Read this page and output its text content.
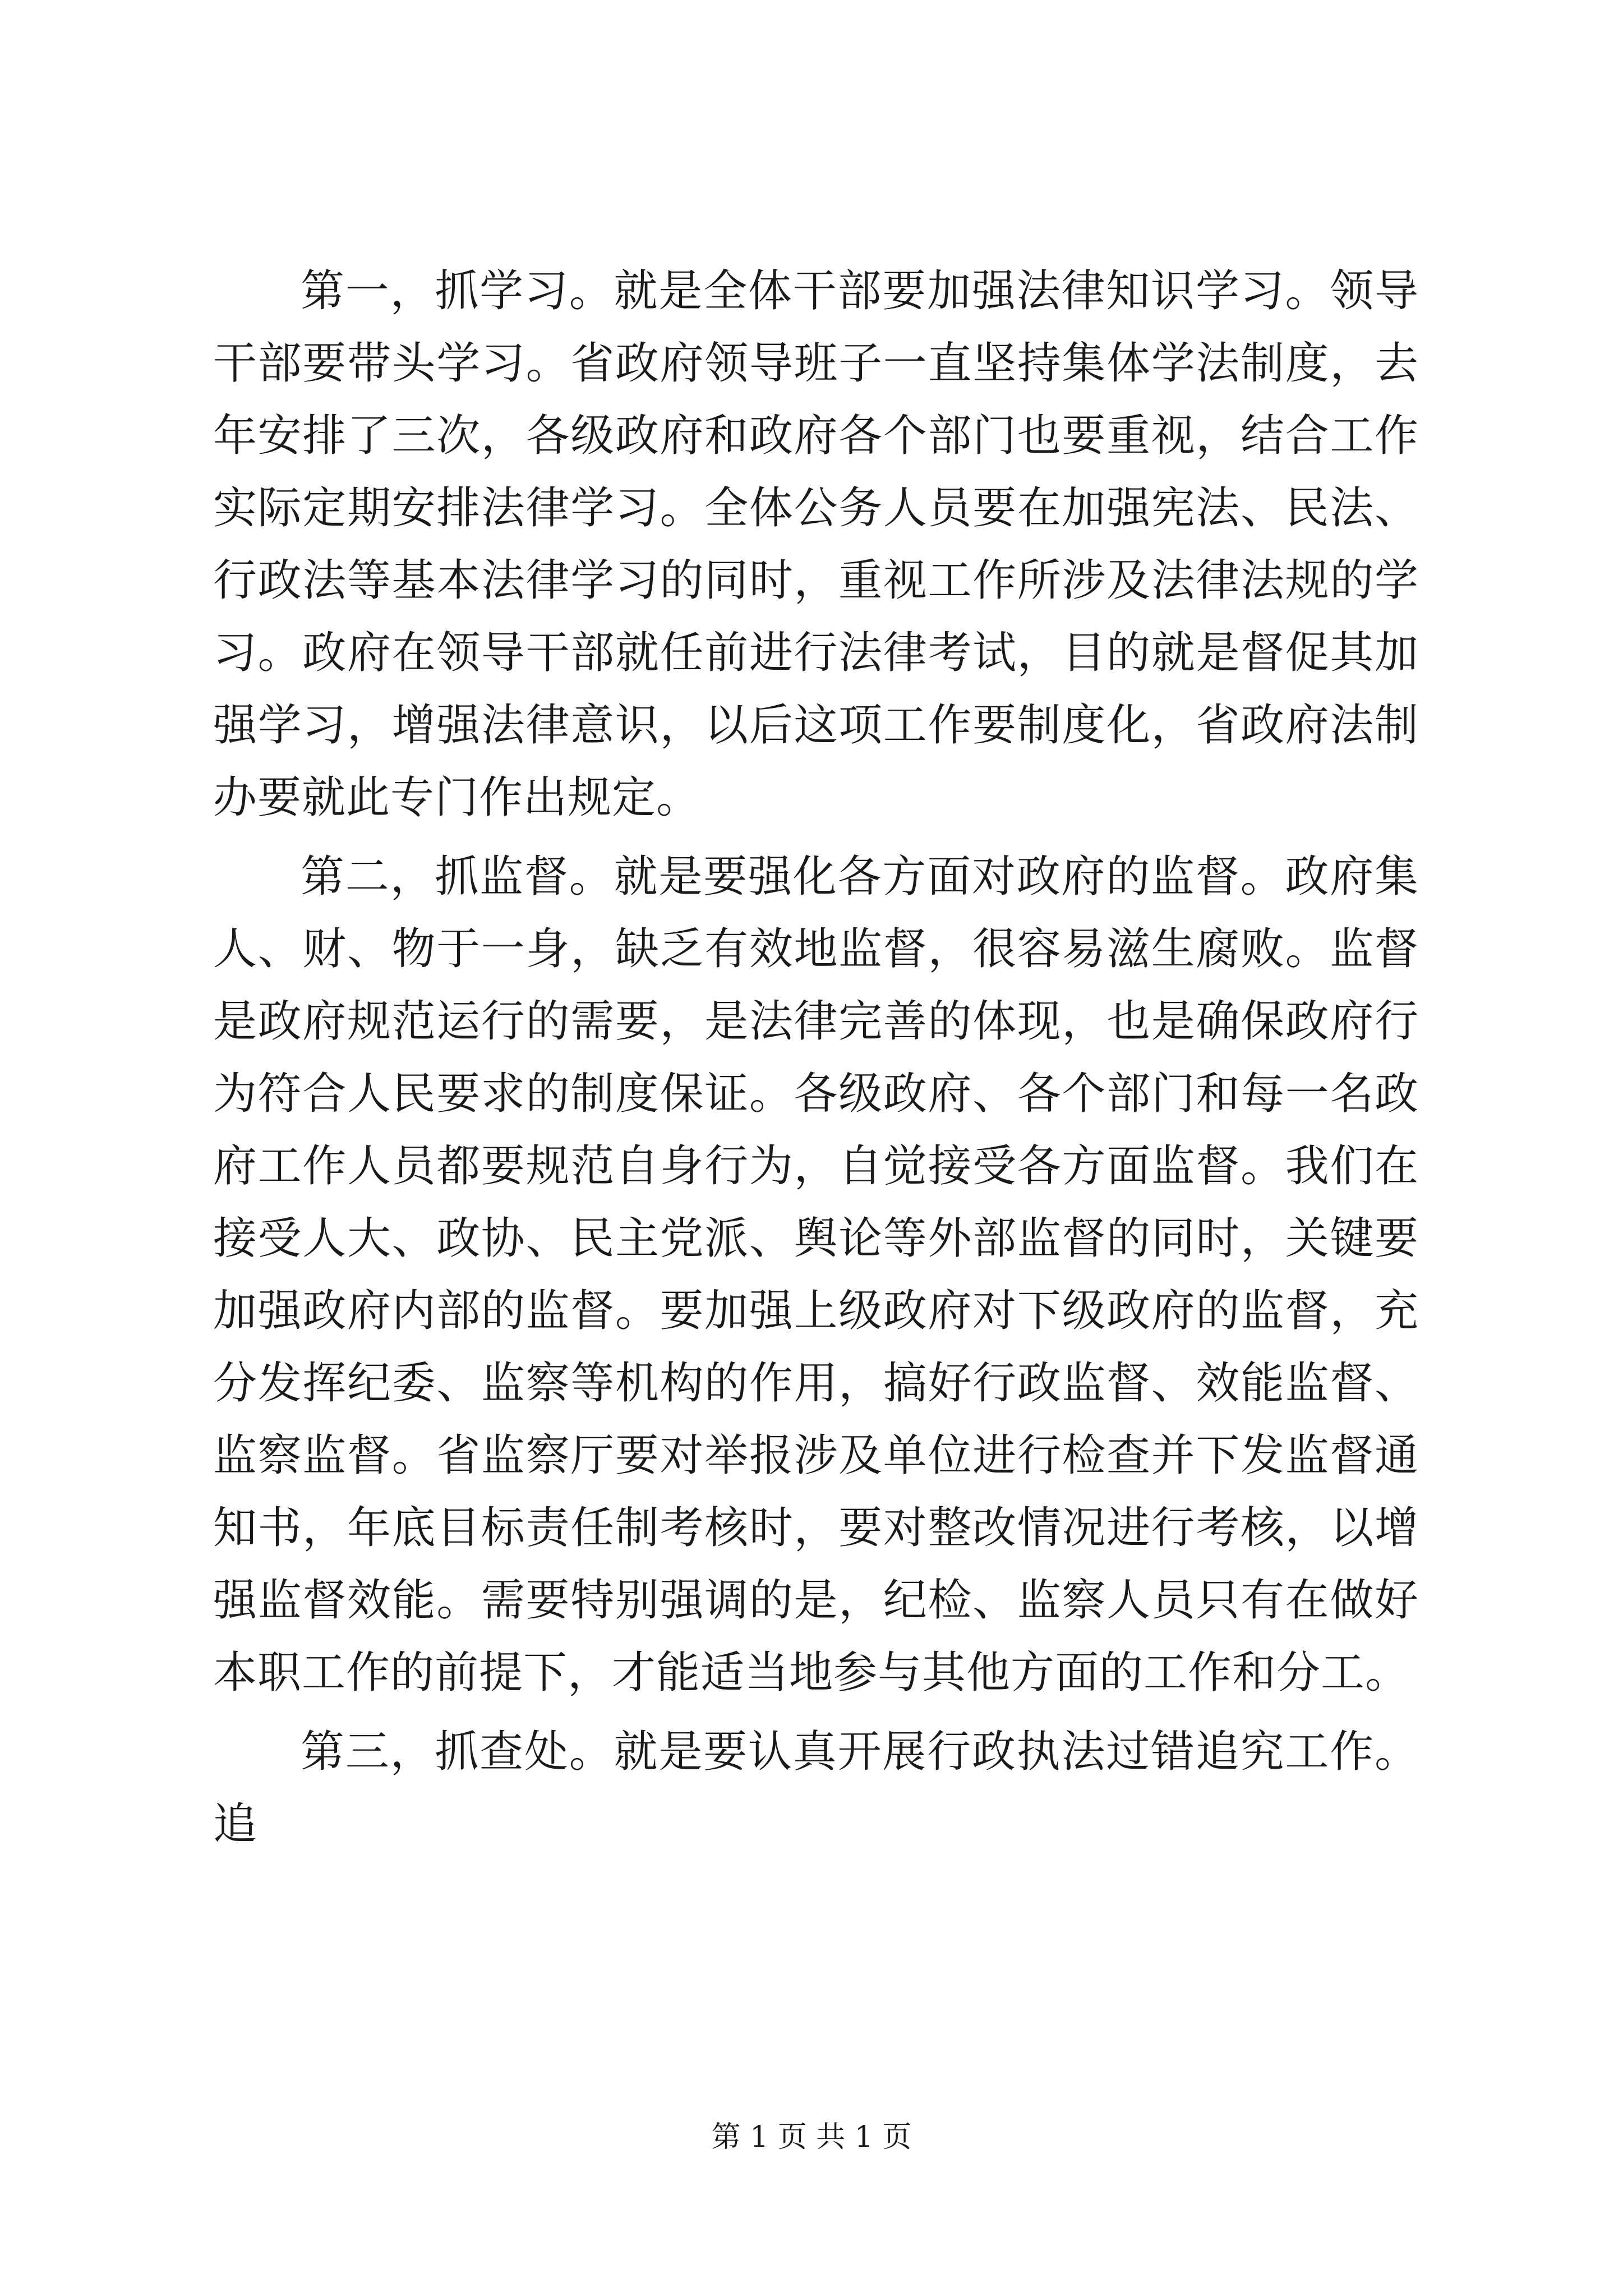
第一，抓学习。就是全体干部要加强法律知识学习。领导干部要带头学习。省政府领导班子一直坚持集体学法制度，去年安排了三次，各级政府和政府各个部门也要重视，结合工作实际定期安排法律学习。全体公务人员要在加强宪法、民法、行政法等基本法律学习的同时，重视工作所涉及法律法规的学习。政府在领导干部就任前进行法律考试，目的就是督促其加强学习，增强法律意识，以后这项工作要制度化，省政府法制办要就此专门作出规定。

第二，抓监督。就是要强化各方面对政府的监督。政府集人、财、物于一身，缺乏有效地监督，很容易滋生腐败。监督是政府规范运行的需要，是法律完善的体现，也是确保政府行为符合人民要求的制度保证。各级政府、各个部门和每一名政府工作人员都要规范自身行为，自觉接受各方面监督。我们在接受人大、政协、民主党派、舆论等外部监督的同时，关键要加强政府内部的监督。要加强上级政府对下级政府的监督，充分发挥纪委、监察等机构的作用，搞好行政监督、效能监督、监察监督。省监察厅要对举报涉及单位进行检查并下发监督通知书，年底目标责任制考核时，要对整改情况进行考核，以增强监督效能。需要特别强调的是，纪检、监察人员只有在做好本职工作的前提下，才能适当地参与其他方面的工作和分工。

第三，抓查处。就是要认真开展行政执法过错追究工作。追

第 1 页 共 1 页
